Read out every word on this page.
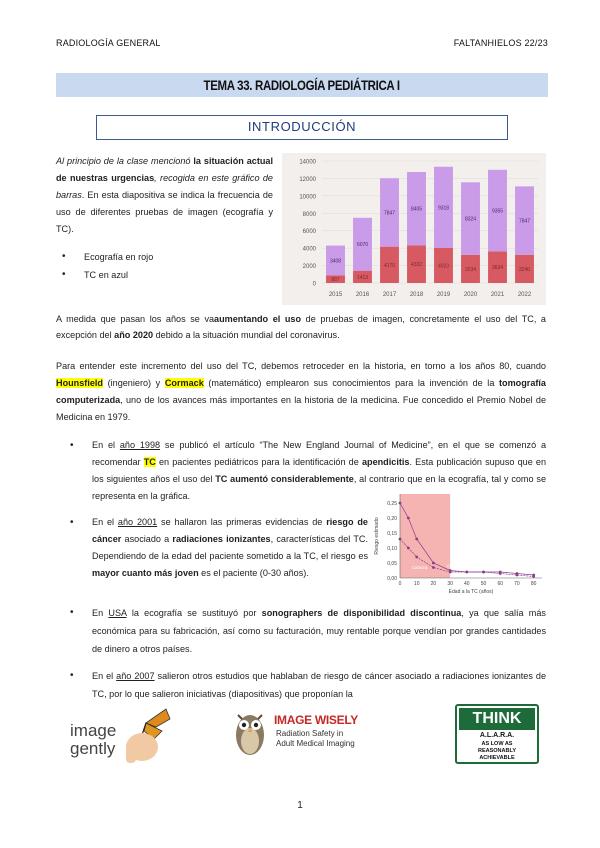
RADIOLOGÍA GENERAL	FALTANHIELOS 22/23
TEMA 33. RADIOLOGÍA PEDIÁTRICA I
INTRODUCCIÓN
Al principio de la clase mencionó la situación actual de nuestras urgencias, recogida en este gráfico de barras. En esta diapositiva se indica la frecuencia de uso de diferentes pruebas de imagen (ecografía y TC).
• Ecografía en rojo
• TC en azul
0
2000
4000
6000
8000
10000
12000
14000
887
3408
2015
1413
6070
2016
4170
7847
2017
4332
8405
2018
4023
9318
2019
3234
8324
2020
3634
9355
2021
3240
7847
2022
A medida que pasan los años se vaaumentando el uso de pruebas de imagen, concretamente el uso del TC, a excepción del año 2020 debido a la situación mundial del coronavirus.
Para entender este incremento del uso del TC, debemos retroceder en la historia, en torno a los años 80, cuando Hounsfield (ingeniero) y Cormack (matemático) emplearon sus conocimientos para la invención de la tomografía computerizada, uno de los avances más importantes en la historia de la medicina. Fue concedido el Premio Nobel de Medicina en 1979.
• En el año 1998 se publicó el artículo “The New England Journal of Medicine”, en el que se comenzó a recomendar TC en pacientes pediátricos para la identificación de apendicitis. Esta publicación supuso que en los siguientes años el uso del TC aumentó considerablemente, al contrario que en la ecografía, tal y como se representa en la gráfica.
• En el año 2001 se hallaron las primeras evidencias de riesgo de cáncer asociado a radiaciones ionizantes, características del TC. Dependiendo de la edad del paciente sometido a la TC, el riesgo es mayor cuanto más joven es el paciente (0-30 años).
0,00
0,05
0,10
0,15
0,20
0,25
0	10 20 30 40 50 60 70 80
Edad a la TC (años)
Riesgo estimado
Cabeza	Abdomen
• En USA la ecografía se sustituyó por sonographers de disponibilidad discontinua, ya que salía más económica para su fabricación, así como su facturación, muy rentable porque vendían por grandes cantidades de dinero a otros países.
• En el año 2007 salieron otros estudios que hablaban de riesgo de cáncer asociado a radiaciones ionizantes de TC, por lo que salieron iniciativas (diapositivas) que proponían la
image
gently
IMAGE WISELY
Radiation Safety in
Adult Medical Imaging
THINK
A.L.A.R.A.
AS LOW AS
REASONABLY
ACHIEVABLE
1
